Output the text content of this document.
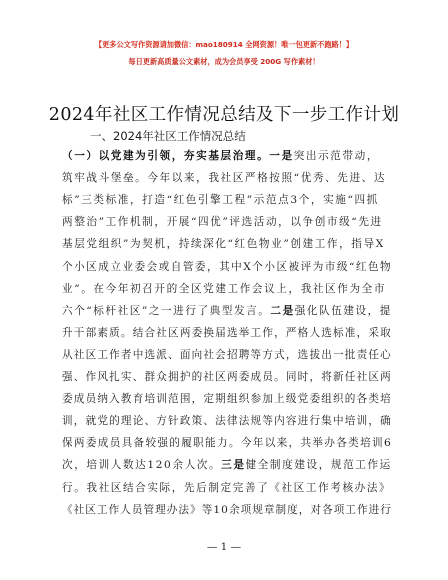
【更多公文写作资源请加微信：mao180914 全网资源！唯一包更新不跑路！】
每日更新高质量公文素材，成为会员享受 200G 写作素材！
2024年社区工作情况总结及下一步工作计划
一、2024年社区工作情况总结
（一）以党建为引领，夯实基层治理。一是突出示范带动，
筑牢战斗堡垒。今年以来，我社区严格按照“优秀、先进、达
标”三类标准，打造“红色引擎工程”示范点3个，实施“四抓
两整治”工作机制，开展“四优”评选活动，以争创市级“先进
基层党组织”为契机，持续深化“红色物业”创建工作，指导X
个小区成立业委会或自管委，其中X个小区被评为市级“红色物
业”。在今年初召开的全区党建工作会议上，我社区作为全市
六个“标杆社区”之一进行了典型发言。二是强化队伍建设，提
升干部素质。结合社区两委换届选举工作，严格人选标准，采取
从社区工作者中选派、面向社会招聘等方式，选拔出一批责任心
强、作风扎实、群众拥护的社区两委成员。同时，将新任社区两
委成员纳入教育培训范围，定期组织参加上级党委组织的各类培
训，就党的理论、方针政策、法律法规等内容进行集中培训，确
保两委成员具备较强的履职能力。今年以来，共举办各类培训6
次，培训人数达120余人次。三是健全制度建设，规范工作运
行。我社区结合实际，先后制定完善了《社区工作考核办法》
《社区工作人员管理办法》等10余项规章制度，对各项工作进行
— 1 —
